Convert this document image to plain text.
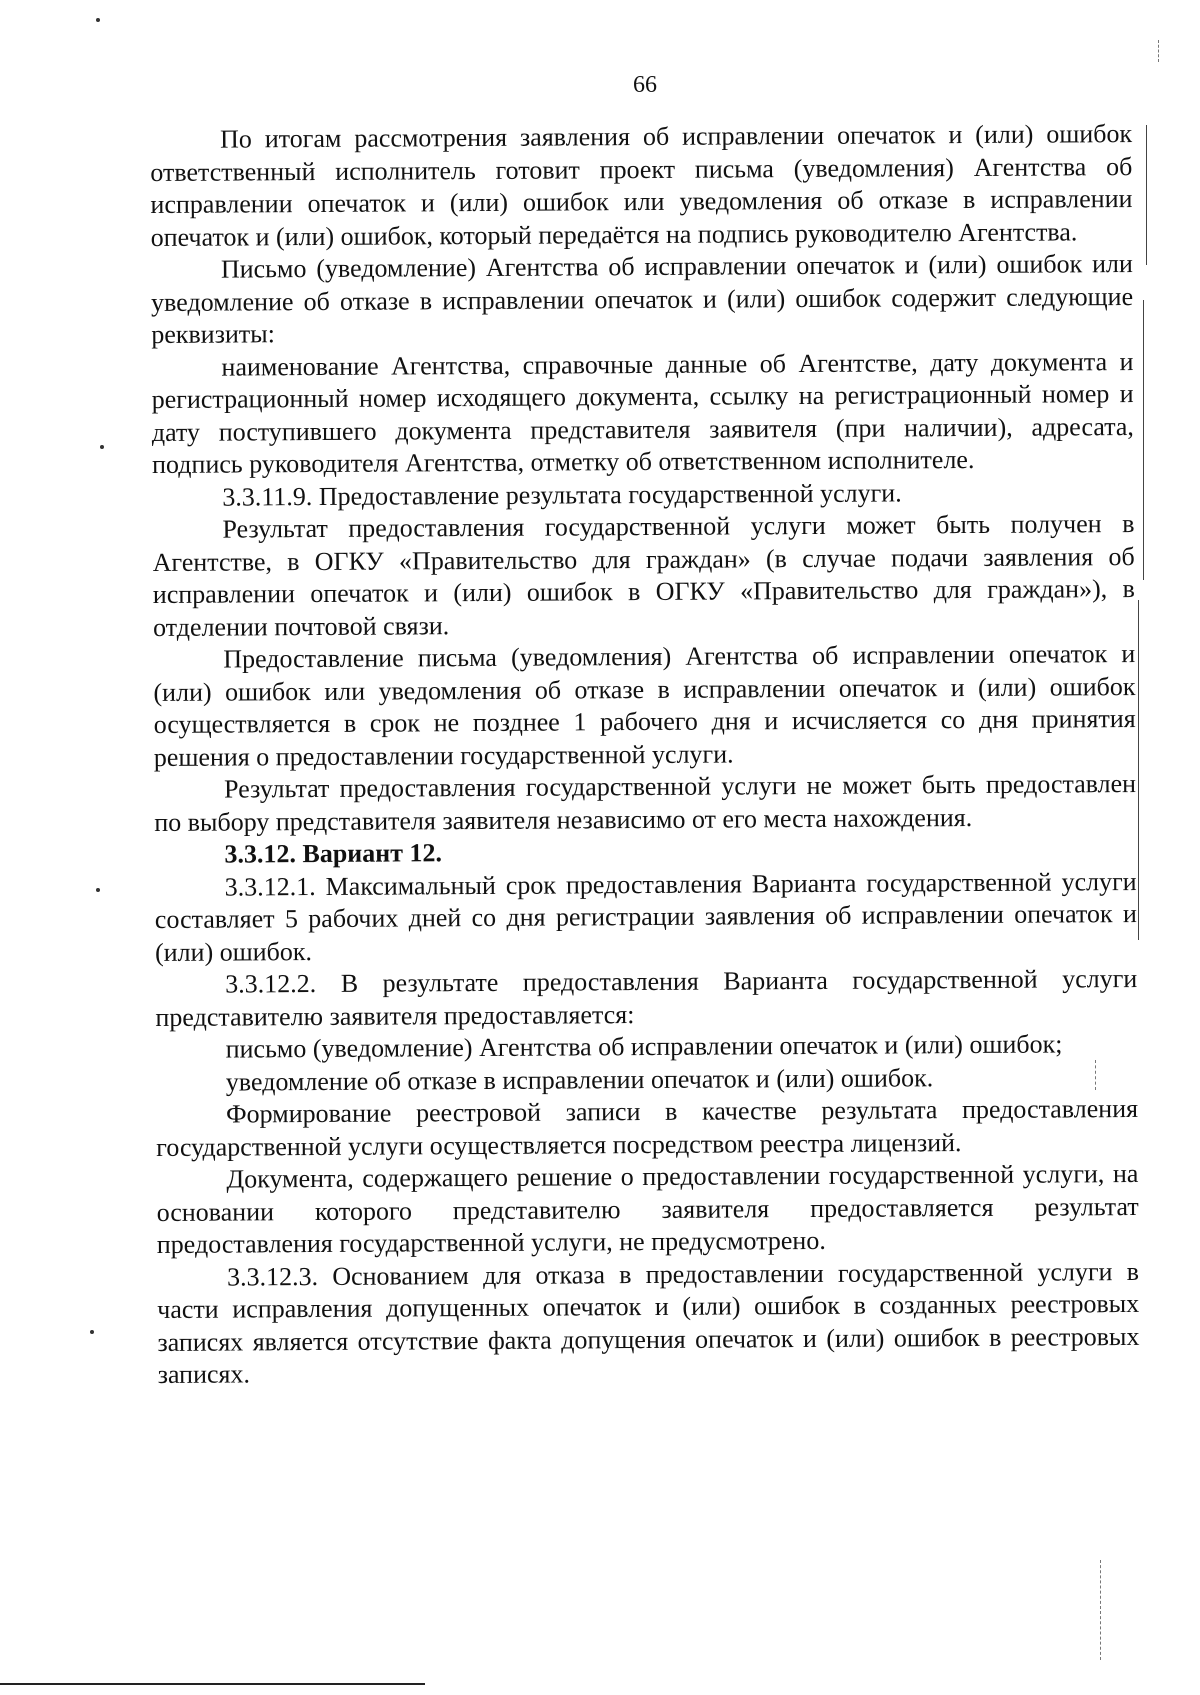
66

По итогам рассмотрения заявления об исправлении опечаток и (или) ошибок ответственный исполнитель готовит проект письма (уведомления) Агентства об исправлении опечаток и (или) ошибок или уведомления об отказе в исправлении опечаток и (или) ошибок, который передаётся на подпись руководителю Агентства.

Письмо (уведомление) Агентства об исправлении опечаток и (или) ошибок или уведомление об отказе в исправлении опечаток и (или) ошибок содержит следующие реквизиты:

наименование Агентства, справочные данные об Агентстве, дату документа и регистрационный номер исходящего документа, ссылку на регистрационный номер и дату поступившего документа представителя заявителя (при наличии), адресата, подпись руководителя Агентства, отметку об ответственном исполнителе.

3.3.11.9. Предоставление результата государственной услуги.

Результат предоставления государственной услуги может быть получен в Агентстве, в ОГКУ «Правительство для граждан» (в случае подачи заявления об исправлении опечаток и (или) ошибок в ОГКУ «Правительство для граждан»), в отделении почтовой связи.

Предоставление письма (уведомления) Агентства об исправлении опечаток и (или) ошибок или уведомления об отказе в исправлении опечаток и (или) ошибок осуществляется в срок не позднее 1 рабочего дня и исчисляется со дня принятия решения о предоставлении государственной услуги.

Результат предоставления государственной услуги не может быть предоставлен по выбору представителя заявителя независимо от его места нахождения.

3.3.12. Вариант 12.

3.3.12.1. Максимальный срок предоставления Варианта государственной услуги составляет 5 рабочих дней со дня регистрации заявления об исправлении опечаток и (или) ошибок.

3.3.12.2. В результате предоставления Варианта государственной услуги представителю заявителя предоставляется:

письмо (уведомление) Агентства об исправлении опечаток и (или) ошибок;

уведомление об отказе в исправлении опечаток и (или) ошибок.

Формирование реестровой записи в качестве результата предоставления государственной услуги осуществляется посредством реестра лицензий.

Документа, содержащего решение о предоставлении государственной услуги, на основании которого представителю заявителя предоставляется результат предоставления государственной услуги, не предусмотрено.

3.3.12.3. Основанием для отказа в предоставлении государственной услуги в части исправления допущенных опечаток и (или) ошибок в созданных реестровых записях является отсутствие факта допущения опечаток и (или) ошибок в реестровых записях.
